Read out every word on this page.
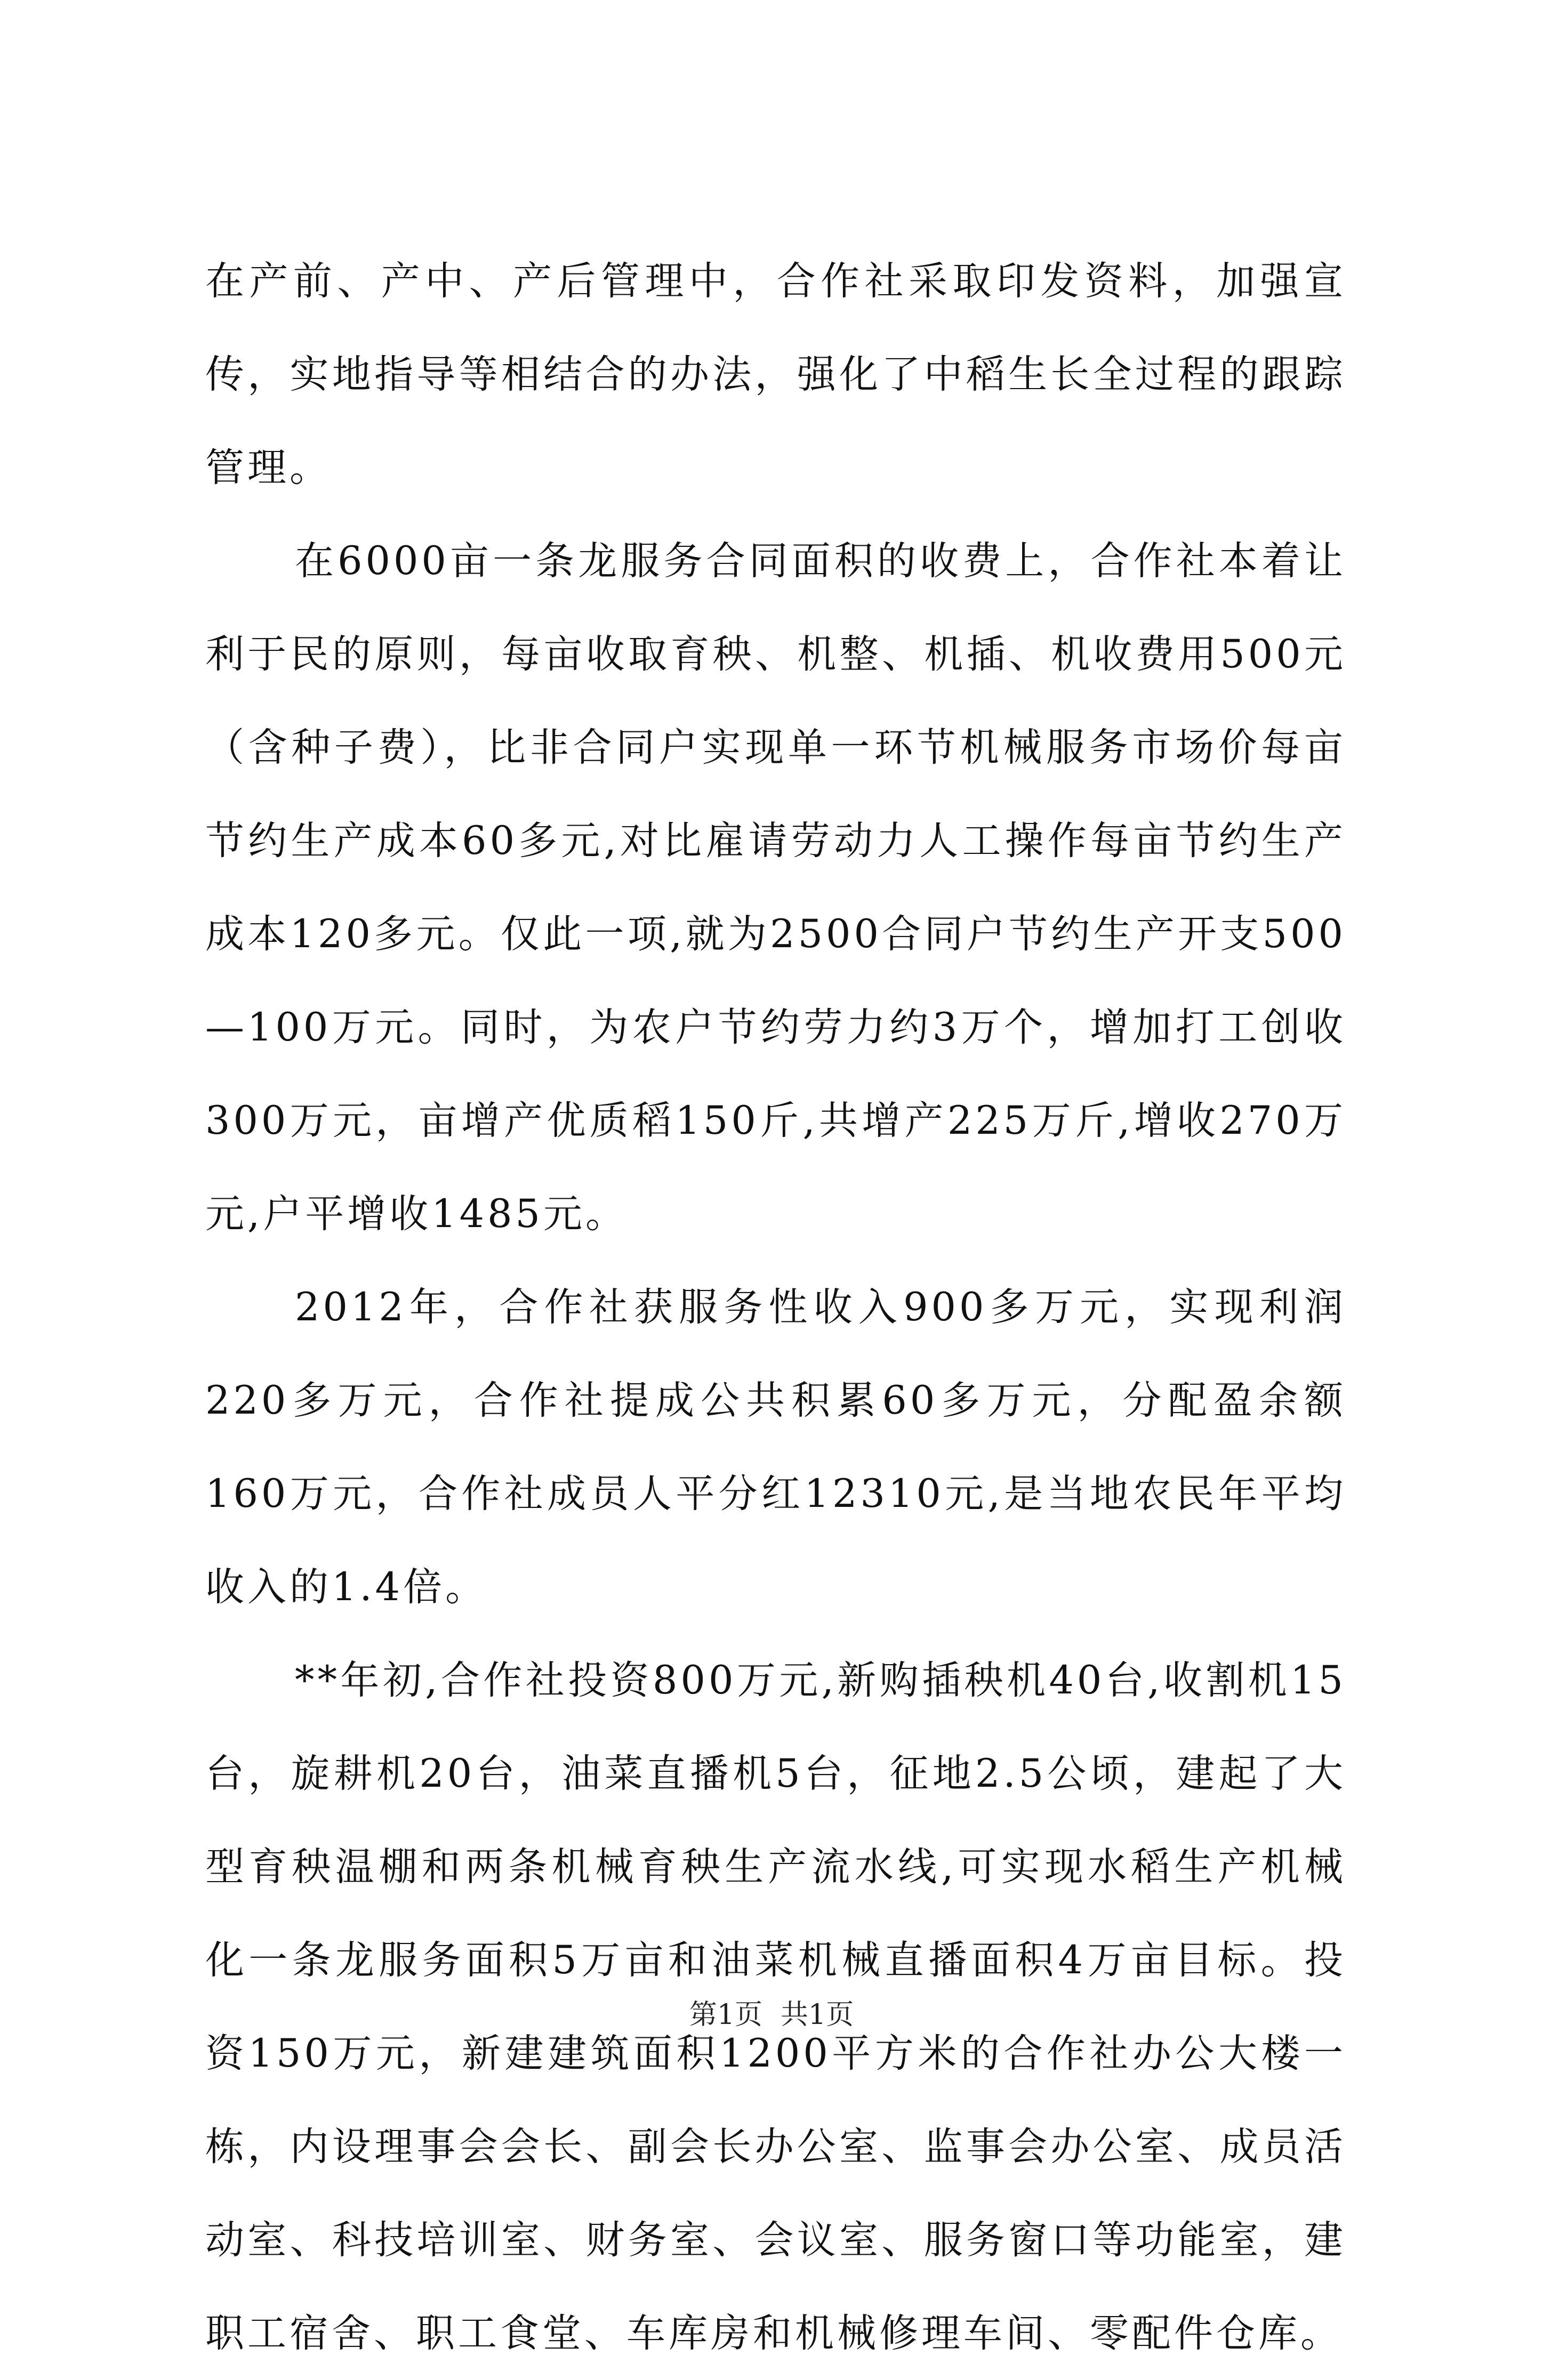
在产前、产中、产后管理中，合作社采取印发资料，加强宣传，实地指导等相结合的办法，强化了中稻生长全过程的跟踪管理。

在6000亩一条龙服务合同面积的收费上，合作社本着让利于民的原则，每亩收取育秧、机整、机插、机收费用500元（含种子费），比非合同户实现单一环节机械服务市场价每亩节约生产成本60多元,对比雇请劳动力人工操作每亩节约生产成本120多元。仅此一项,就为2500合同户节约生产开支500—100万元。同时，为农户节约劳力约3万个，增加打工创收300万元，亩增产优质稻150斤,共增产225万斤,增收270万元,户平增收1485元。

2012年，合作社获服务性收入900多万元，实现利润220多万元，合作社提成公共积累60多万元，分配盈余额160万元，合作社成员人平分红12310元,是当地农民年平均收入的1.4倍。

**年初,合作社投资800万元,新购插秧机40台,收割机15台，旋耕机20台，油菜直播机5台，征地2.5公顷，建起了大型育秧温棚和两条机械育秧生产流水线,可实现水稻生产机械化一条龙服务面积5万亩和油菜机械直播面积4万亩目标。投资150万元，新建建筑面积1200平方米的合作社办公大楼一栋，内设理事会会长、副会长办公室、监事会办公室、成员活动室、科技培训室、财务室、会议室、服务窗口等功能室，建职工宿舍、职工食堂、车库房和机械修理车间、零配件仓库。

第1页 共1页
